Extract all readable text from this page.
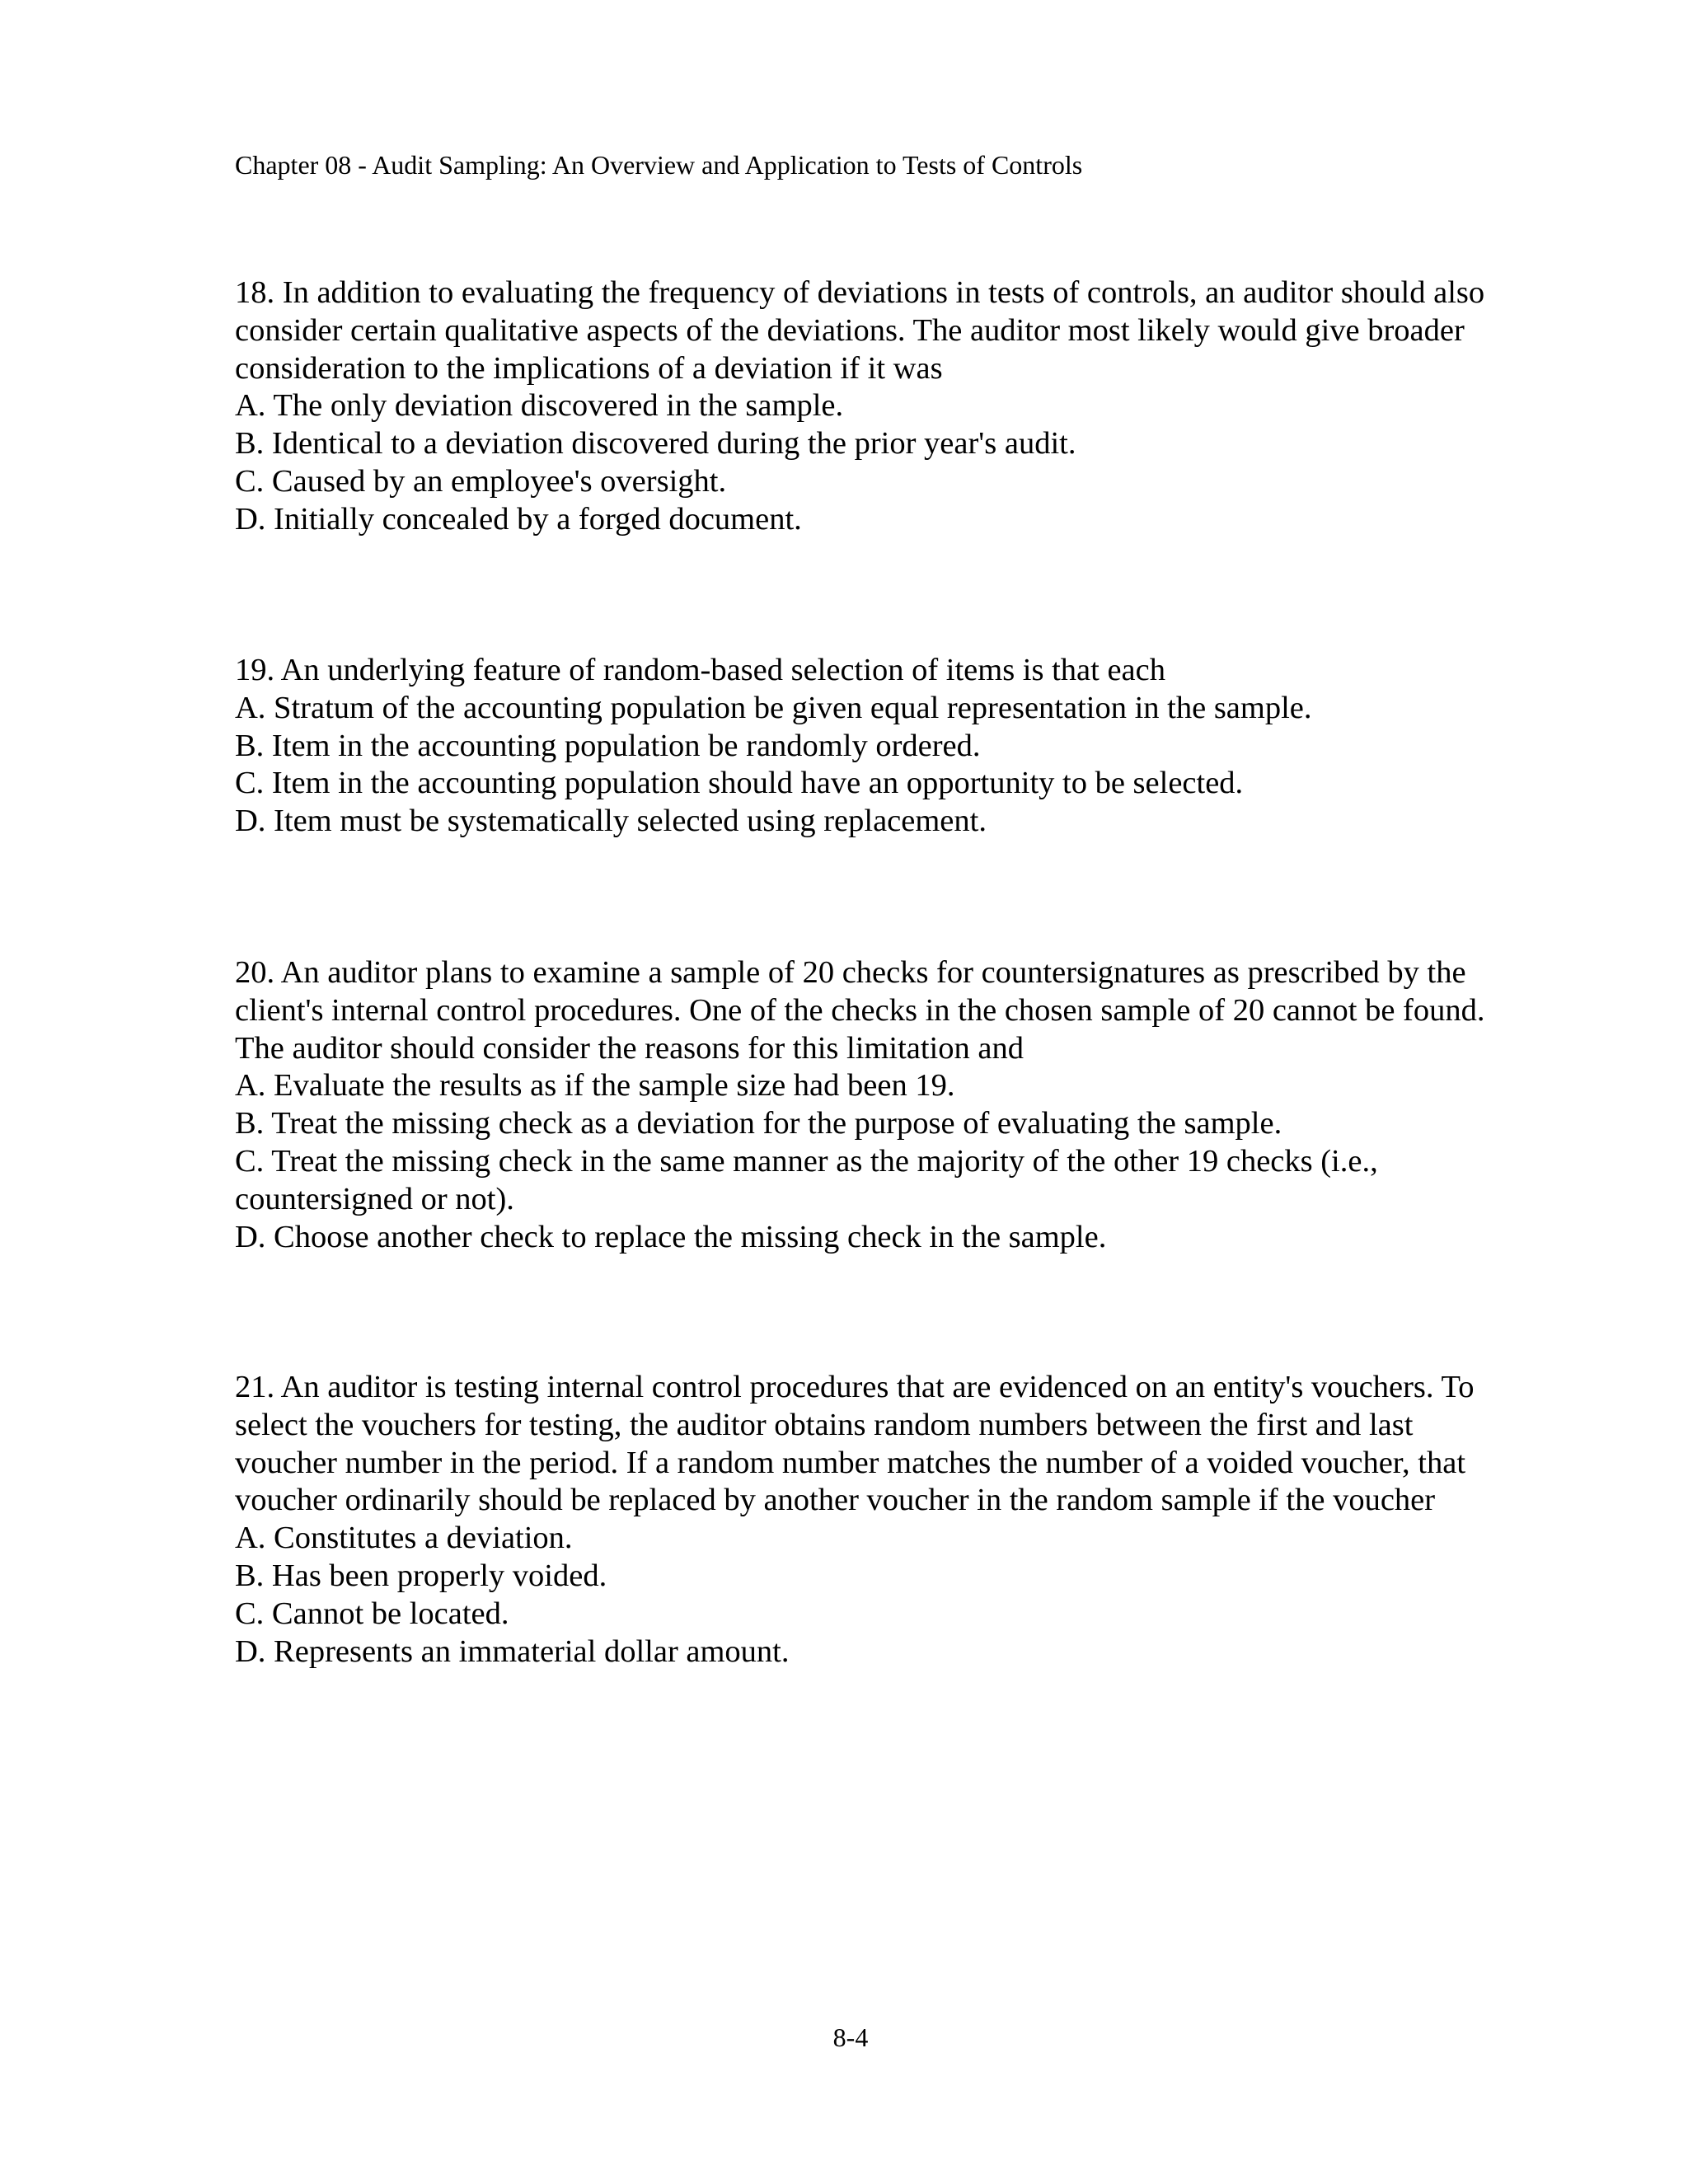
Chapter 08 - Audit Sampling: An Overview and Application to Tests of Controls

18. In addition to evaluating the frequency of deviations in tests of controls, an auditor should also consider certain qualitative aspects of the deviations. The auditor most likely would give broader consideration to the implications of a deviation if it was

A. The only deviation discovered in the sample.

B. Identical to a deviation discovered during the prior year's audit.

C. Caused by an employee's oversight.

D. Initially concealed by a forged document.

19. An underlying feature of random-based selection of items is that each

A. Stratum of the accounting population be given equal representation in the sample.

B. Item in the accounting population be randomly ordered.

C. Item in the accounting population should have an opportunity to be selected.

D. Item must be systematically selected using replacement.

20. An auditor plans to examine a sample of 20 checks for countersignatures as prescribed by the client's internal control procedures. One of the checks in the chosen sample of 20 cannot be found. The auditor should consider the reasons for this limitation and

A. Evaluate the results as if the sample size had been 19.

B. Treat the missing check as a deviation for the purpose of evaluating the sample.

C. Treat the missing check in the same manner as the majority of the other 19 checks (i.e., countersigned or not).

D. Choose another check to replace the missing check in the sample.

21. An auditor is testing internal control procedures that are evidenced on an entity's vouchers. To select the vouchers for testing, the auditor obtains random numbers between the first and last voucher number in the period. If a random number matches the number of a voided voucher, that voucher ordinarily should be replaced by another voucher in the random sample if the voucher

A. Constitutes a deviation.

B. Has been properly voided.

C. Cannot be located.

D. Represents an immaterial dollar amount.

8-4
